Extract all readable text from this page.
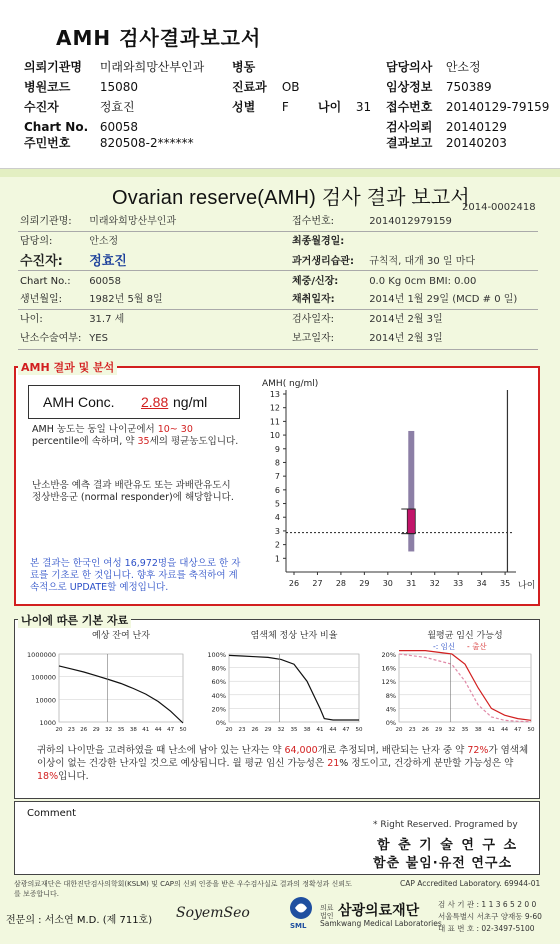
AMH 검사결과보고서
의뢰기관명 미래와희망산부인과 병동	담당의사 안소정
병원코드 15080	진료과 OB	임상정보 750389
수진자	정효진	성별 F 나이 31 접수번호 20140129-79159
Chart No. 60058	검사의뢰 20140129
주민번호 820508-2******	결과보고 20140203
Ovarian reserve(AMH) 검사 결과 보고서
2014-0002418
의뢰기관명: 미래와희망산부인과
담당의:	안소정
수진자: 정효진
Chart No.: 60058
생년월일:	1982년 5월 8일
나이:	31.7 세
난소수술여부: YES
접수번호:	2014012979159
최종월경일:
과거생리습관: 규칙적, 대개 30 일 마다
체중/신장:	0.0 Kg 0cm BMI: 0.00
채취일자:	2014년 1월 29일 (MCD # 0 일)
검사일자:	2014년 2월 3일
보고일자:	2014년 2월 3일
AMH Conc. 2.88 ng/ml
AMH 농도는 동일 나이군에서 10~ 30 percentile에 속하며, 약 35세의 평균농도입니다.
난소반응 예측 결과 배란유도 또는 과배란유도시 정상반응군 (normal responder)에 해당합니다.
본 결과는 한국인 여성 16,972명을 대상으로 한 자료를 기초로 한 것입니다. 향후 자료를 축적하여 계속적으로 UPDATE할 예정입니다.
AMH( ng/ml)
1
2
3
4
5
6
7
8
9
10
11
12
13
26 27 28 29 30 31 32 33 34 35 나이
AMH 결과 및 분석
예상 잔여 난자
1000000
100000
10000
1000
20 23 26 29 32 35 38 41 44 47 50
염색체 정상 난자 비율
100%
80%
60%
40%
20%
0%
20 23 26 29 32 35 38 41 44 47 50
월평균 임신 가능성
20%
16%
12%
8%
4%
0%
20 23 26 29 32 35 38 41 44 47 50
-: 임신 - 출산
귀하의 나이만을 고려하였을 때 난소에 남아 있는 난자는 약 64,000개로 추정되며, 배란되는 난자 중 약 72%가 염색체이상이 없는 건강한 난자일 것으로 예상됩니다. 월 평균 임신 가능성은 21% 정도이고, 건강하게 분만할 가능성은 약 18%입니다.
나이에 따른 기본 자료
Comment
* Right Reserved. Programed by
함 춘 기 술 연 구 소
함춘 불임·유전 연구소
삼광의료재단은 대한진단검사의학회(KSLM) 및 CAP의 신뢰 인증을 받은 우수검사실로 결과의 정확성과 신뢰도를 보증합니다.
CAP Accredited Laboratory. 69944-01
전문의 : 서소연 M.D. (제 711호) SoyemSeo
SML
의료법인 삼광의료재단
Samkwang Medical Laboratories
검 사 기 관 : 1 1 3 6 5 2 0 0
서울특별시 서초구 양재동 9-60
대 표 번 호 : 02-3497-5100
